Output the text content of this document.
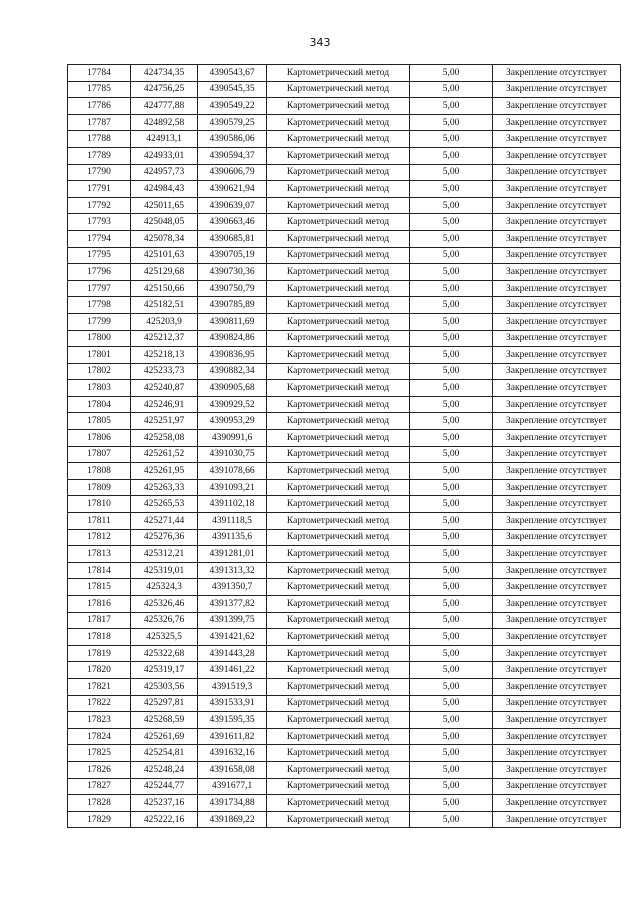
343
17784	424734,35	4390543,67	Картометрический метод	5,00	Закрепление отсутствует
17785	424756,25	4390545,35	Картометрический метод	5,00	Закрепление отсутствует
17786	424777,88	4390549,22	Картометрический метод	5,00	Закрепление отсутствует
17787	424892,58	4390579,25	Картометрический метод	5,00	Закрепление отсутствует
17788	424913,1	4390586,06	Картометрический метод	5,00	Закрепление отсутствует
17789	424933,01	4390594,37	Картометрический метод	5,00	Закрепление отсутствует
17790	424957,73	4390606,79	Картометрический метод	5,00	Закрепление отсутствует
17791	424984,43	4390621,94	Картометрический метод	5,00	Закрепление отсутствует
17792	425011,65	4390639,07	Картометрический метод	5,00	Закрепление отсутствует
17793	425048,05	4390663,46	Картометрический метод	5,00	Закрепление отсутствует
17794	425078,34	4390685,81	Картометрический метод	5,00	Закрепление отсутствует
17795	425101,63	4390705,19	Картометрический метод	5,00	Закрепление отсутствует
17796	425129,68	4390730,36	Картометрический метод	5,00	Закрепление отсутствует
17797	425150,66	4390750,79	Картометрический метод	5,00	Закрепление отсутствует
17798	425182,51	4390785,89	Картометрический метод	5,00	Закрепление отсутствует
17799	425203,9	4390811,69	Картометрический метод	5,00	Закрепление отсутствует
17800	425212,37	4390824,86	Картометрический метод	5,00	Закрепление отсутствует
17801	425218,13	4390836,95	Картометрический метод	5,00	Закрепление отсутствует
17802	425233,73	4390882,34	Картометрический метод	5,00	Закрепление отсутствует
17803	425240,87	4390905,68	Картометрический метод	5,00	Закрепление отсутствует
17804	425246,91	4390929,52	Картометрический метод	5,00	Закрепление отсутствует
17805	425251,97	4390953,29	Картометрический метод	5,00	Закрепление отсутствует
17806	425258,08	4390991,6	Картометрический метод	5,00	Закрепление отсутствует
17807	425261,52	4391030,75	Картометрический метод	5,00	Закрепление отсутствует
17808	425261,95	4391078,66	Картометрический метод	5,00	Закрепление отсутствует
17809	425263,33	4391093,21	Картометрический метод	5,00	Закрепление отсутствует
17810	425265,53	4391102,18	Картометрический метод	5,00	Закрепление отсутствует
17811	425271,44	4391118,5	Картометрический метод	5,00	Закрепление отсутствует
17812	425276,36	4391135,6	Картометрический метод	5,00	Закрепление отсутствует
17813	425312,21	4391281,01	Картометрический метод	5,00	Закрепление отсутствует
17814	425319,01	4391313,32	Картометрический метод	5,00	Закрепление отсутствует
17815	425324,3	4391350,7	Картометрический метод	5,00	Закрепление отсутствует
17816	425326,46	4391377,82	Картометрический метод	5,00	Закрепление отсутствует
17817	425326,76	4391399,75	Картометрический метод	5,00	Закрепление отсутствует
17818	425325,5	4391421,62	Картометрический метод	5,00	Закрепление отсутствует
17819	425322,68	4391443,28	Картометрический метод	5,00	Закрепление отсутствует
17820	425319,17	4391461,22	Картометрический метод	5,00	Закрепление отсутствует
17821	425303,56	4391519,3	Картометрический метод	5,00	Закрепление отсутствует
17822	425297,81	4391533,91	Картометрический метод	5,00	Закрепление отсутствует
17823	425268,59	4391595,35	Картометрический метод	5,00	Закрепление отсутствует
17824	425261,69	4391611,82	Картометрический метод	5,00	Закрепление отсутствует
17825	425254,81	4391632,16	Картометрический метод	5,00	Закрепление отсутствует
17826	425248,24	4391658,08	Картометрический метод	5,00	Закрепление отсутствует
17827	425244,77	4391677,1	Картометрический метод	5,00	Закрепление отсутствует
17828	425237,16	4391734,88	Картометрический метод	5,00	Закрепление отсутствует
17829	425222,16	4391869,22	Картометрический метод	5,00	Закрепление отсутствует
